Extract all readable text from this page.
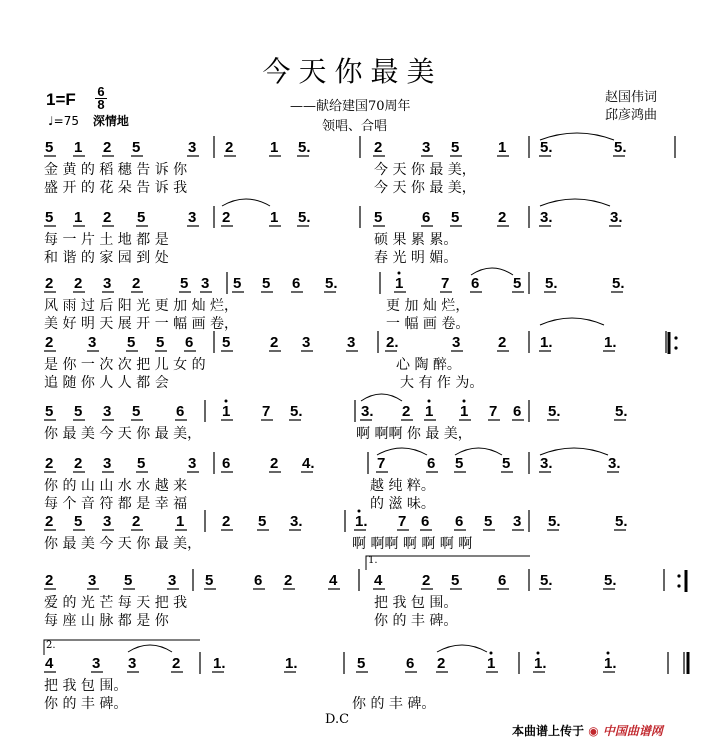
今天你最美
——献给建国70周年
领唱、合唱
赵国伟词
邱彦鸿曲
1=F 6
8
♩=75 深情地
5 1 2 5	3 2 1 5.	2	3 5	1 5.	5.
金 黄 的 稻 穗 告 诉 你	今 天 你 最 美，
盛 开 的 花 朵 告 诉 我	今 天 你 最 美，
5 1 2 5	3 2	1 5.	5	6 5	2 3.	3.
每 一 片 土 地 都 是	硕 果 累 累。
和 谐 的 家 园 到 处	春 光 明 媚。
2 2 3 2	5 3 5 5 6 5.	1	7 6 5 5.	5.
风 雨 过 后 阳 光 更 加 灿 烂，	更 加 灿 烂，
美 好 明 天 展 开 一 幅 画 卷，	一 幅 画 卷。
2 3 5 5 6 5	2 3 3 2.	3	2 1.	1.
是 你 一 次 次 把 儿 女 的	心 陶 醉。
追 随 你 人 人 都 会	大 有 作 为。
5 5 3 5 6	1 7 5.	3. 2 1 1 7 6 5.	5.
你 最 美 今 天 你 最 美，	啊 啊啊 你 最 美，
2 2 3 5	3 6	2 4.	7	6 5	5 3.	3.
你 的 山 山 水 水 越 来	越 纯 粹。
每 个 音 符 都 是 幸 福	的 滋 味。
2 5 3 2 1	2 5 3.	1. 7 6 6 5 3 5.	5.
你 最 美 今 天 你 最 美，	啊 啊啊 啊 啊 啊 啊
2 3 5 3 5	6 2 4 4	2 5	6 5.	5.
爱 的 光 芒 每 天 把 我	把 我 包 围。
每 座 山 脉 都 是 你	你 的 丰 碑。
4	3 3 2 1.	1.	5	6 2	1	1.	1.
把 我 包 围。
你 的 丰 碑。	你 的 丰 碑。
1.
2.
D.C
本曲谱上传于 ◉ 中国曲谱网
